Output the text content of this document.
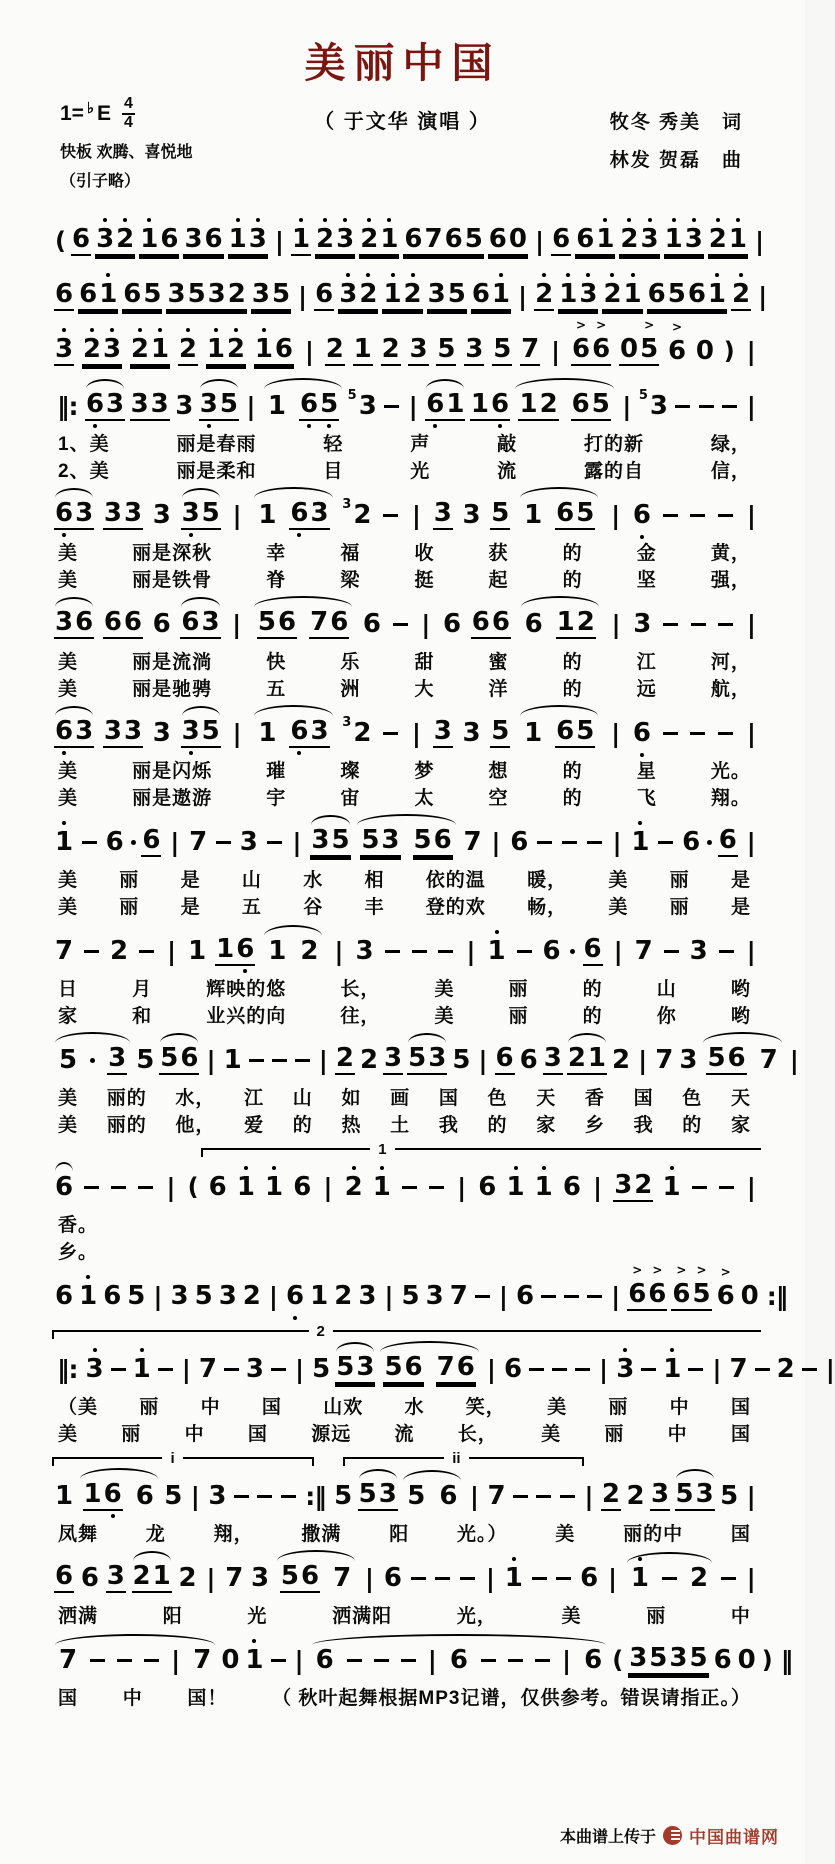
美丽中国
（ 于文华 演唱 ）	牧冬 秀美　词
林发 贺磊　曲
1= ♭ E $\frac{4}{4}$
快板 欢腾、喜悦地
（引子略）
( 6 3 2 1 6 3 6 1 3 | 1 2 3 2 1 6 7 6 5 6 0 | 6 6 1 2 3 1 3 2 1 |
6 6 1 6 5 3 5 3 2 3 5 | 6 3 2 1 2 3 5 6 1 | 2 1 3 2 1 6 5 6 1 2 |
3 2 3 2 1 2 1 2 1 6 | 2 1 2 3 5 3 5 7 | 6
>
6
>
0 5
>
6
>
0 ) |
‖: 6 3 3 3 3 3 5 | 1 6 5 5 3 | 6 1 1 6 1 2 6 5 | 5 3	|
1、美	丽是春雨	轻	声	敲	打的新	绿，
2、美	丽是柔和	目	光	流	露的自	信，
6 3 3 3 3 3 5 | 1 6 3 3 2 | 3 3 5 1 6 5 | 6	|
美	丽是深秋	幸	福	收	获	的	金	黄，
美	丽是铁骨	脊	梁	挺	起	的	坚	强，
3 6 6 6 6 6 3 | 5 6 7 6 6 | 6 6 6 6 1 2 | 3	|
美	丽是流淌	快	乐	甜	蜜	的	江	河，
美	丽是驰骋	五	洲	大	洋	的	远	航，
6 3 3 3 3 3 5 | 1 6 3 3 2 | 3 3 5 1 6 5 | 6	|
美	丽是闪烁	璀	璨	梦	想	的	星	光。
美	丽是遨游	宇	宙	太	空	的	飞	翔。
1 6 6 | 7 3 | 3 5 5 3 5 6 7 | 6	| 1 6 6 |
美 丽 是 山 水 相 依的温 暖， 美 丽 是
美 丽 是 五 谷 丰 登的欢 畅， 美 丽 是
7 2 | 1 1 6 1 2 | 3	| 1 6 6 | 7 3 |
日	月	辉映的悠	长，	美	丽	的	山	哟
家	和	业兴的向	往，	美	丽	的	你	哟
5 3 5 5 6 | 1	| 2 2 3 5 3 5 | 6 6 3 2 1 2 | 7 3 5 6 7 |
美 丽的 水， 江 山 如 画 国 色 天 香 国 色 天
美 丽的 他， 爱 的 热 土 我 的 家 乡 我 的 家
1
6	| ( 6 1 1 6 | 2 1	| 6 1 1 6 | 3 2 1	|
香。
乡。
6 1 6 5 | 3 5 3 2 | 6 1 2 3 | 5 3 7 | 6	| 6
>
6
>
6
>
5
>
6
>
0 :‖
2
‖: 3 1 | 7 3 | 5 5 3 5 6 7 6 | 6	| 3 1 | 7 2 |
（美 丽 中 国 山欢 水 笑， 美 丽 中 国
美 丽 中 国 源远 流 长， 美 丽 中 国
i	ii
1 1 6 6 5 | 3	:‖ 5 5 3 5 6 | 7	| 2 2 3 5 3 5 |
凤舞	龙	翔，	撒满	阳	光。）	美	丽的中	国
6 6 3 2 1 2 | 7 3 5 6 7 | 6	| 1 6 | 1 2 |
洒满	阳	光	洒满阳	光，	美	丽	中
7	| 7 0 1 | 6	| 6	| 6 ( 3 5 3 5 6 0 ) ‖
国 中 国！ （ 秋叶起舞根据MP3记谱，仅供参考。错误请指正。）
本曲谱上传于 中国曲谱网
